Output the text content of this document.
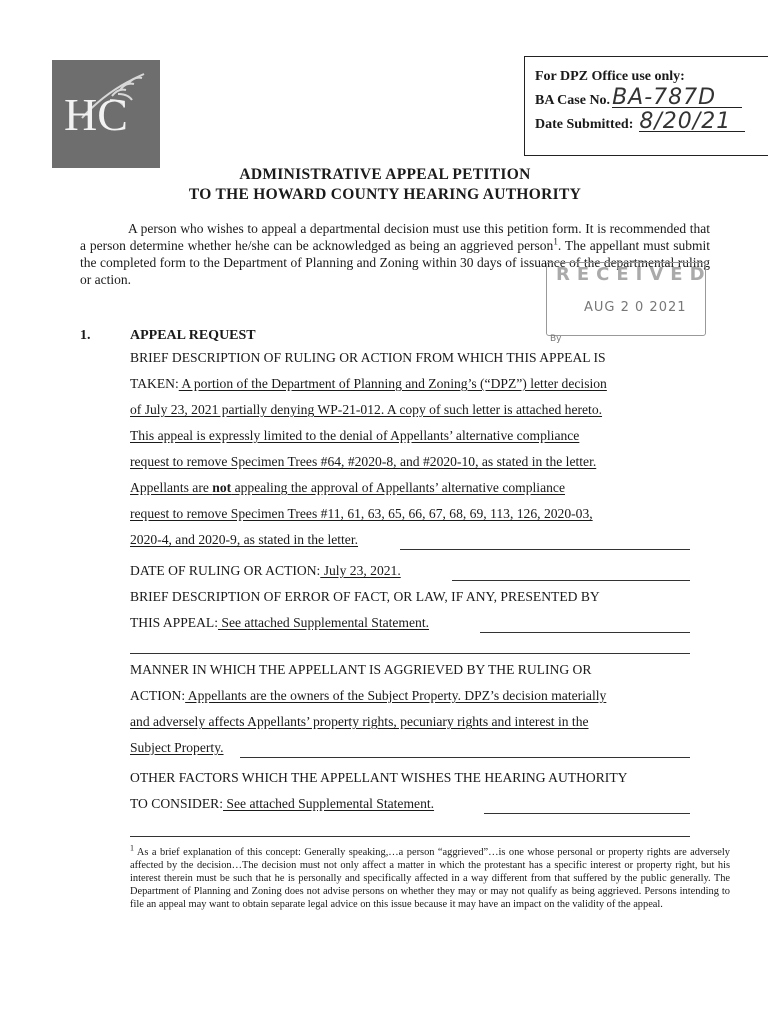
HC
For DPZ Office use only:
BA Case No.BA-787D
Date Submitted: 8/20/21
ADMINISTRATIVE APPEAL PETITION
TO THE HOWARD COUNTY HEARING AUTHORITY

A person who wishes to appeal a departmental decision must use this petition form. It is recommended that a person determine whether he/she can be acknowledged as being an aggrieved person$^1$. The appellant must submit the completed form to the Department of Planning and Zoning within 30 days of issuance of the departmental ruling or action.	RECEIVED
AUG 2 0 2021
By
1.	APPEAL REQUEST
BRIEF DESCRIPTION OF RULING OR ACTION FROM WHICH THIS APPEAL IS
TAKEN: A portion of the Department of Planning and Zoning’s (“DPZ”) letter decision
of July 23, 2021 partially denying WP-21-012. A copy of such letter is attached hereto.
This appeal is expressly limited to the denial of Appellants’ alternative compliance
request to remove Specimen Trees #64, #2020-8, and #2020-10, as stated in the letter.
Appellants are not appealing the approval of Appellants’ alternative compliance
request to remove Specimen Trees #11, 61, 63, 65, 66, 67, 68, 69, 113, 126, 2020-03,
2020-4, and 2020-9, as stated in the letter.
DATE OF RULING OR ACTION: July 23, 2021.
BRIEF DESCRIPTION OF ERROR OF FACT, OR LAW, IF ANY, PRESENTED BY
THIS APPEAL: See attached Supplemental Statement.
MANNER IN WHICH THE APPELLANT IS AGGRIEVED BY THE RULING OR
ACTION: Appellants are the owners of the Subject Property. DPZ’s decision materially
and adversely affects Appellants’ property rights, pecuniary rights and interest in the
Subject Property.
OTHER FACTORS WHICH THE APPELLANT WISHES THE HEARING AUTHORITY
TO CONSIDER: See attached Supplemental Statement.
$^1$ As a brief explanation of this concept: Generally speaking,…a person “aggrieved”…is one whose personal or property rights are adversely affected by the decision…The decision must not only affect a matter in which the protestant has a specific interest or property right, but his interest therein must be such that he is personally and specifically affected in a way different from that suffered by the public generally. The Department of Planning and Zoning does not advise persons on whether they may or may not qualify as being aggrieved. Persons intending to file an appeal may want to obtain separate legal advice on this issue because it may have an impact on the validity of the appeal.
